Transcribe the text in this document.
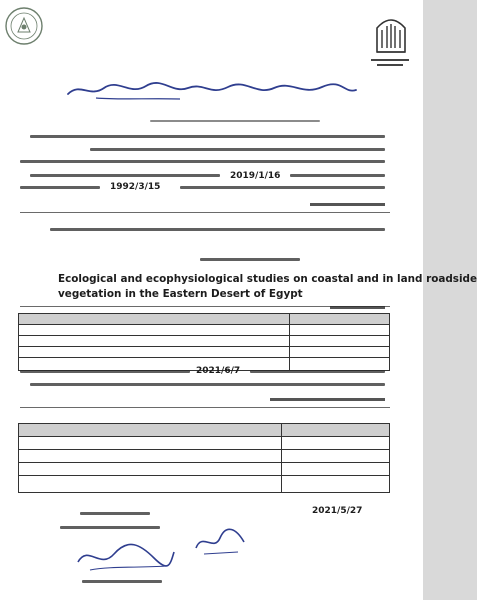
2019/1/16
1992/3/15
Ecological and ecophysiological studies on coastal and in land roadside
vegetation in the Eastern Desert of Egypt
2021/6/7
2021/5/27
